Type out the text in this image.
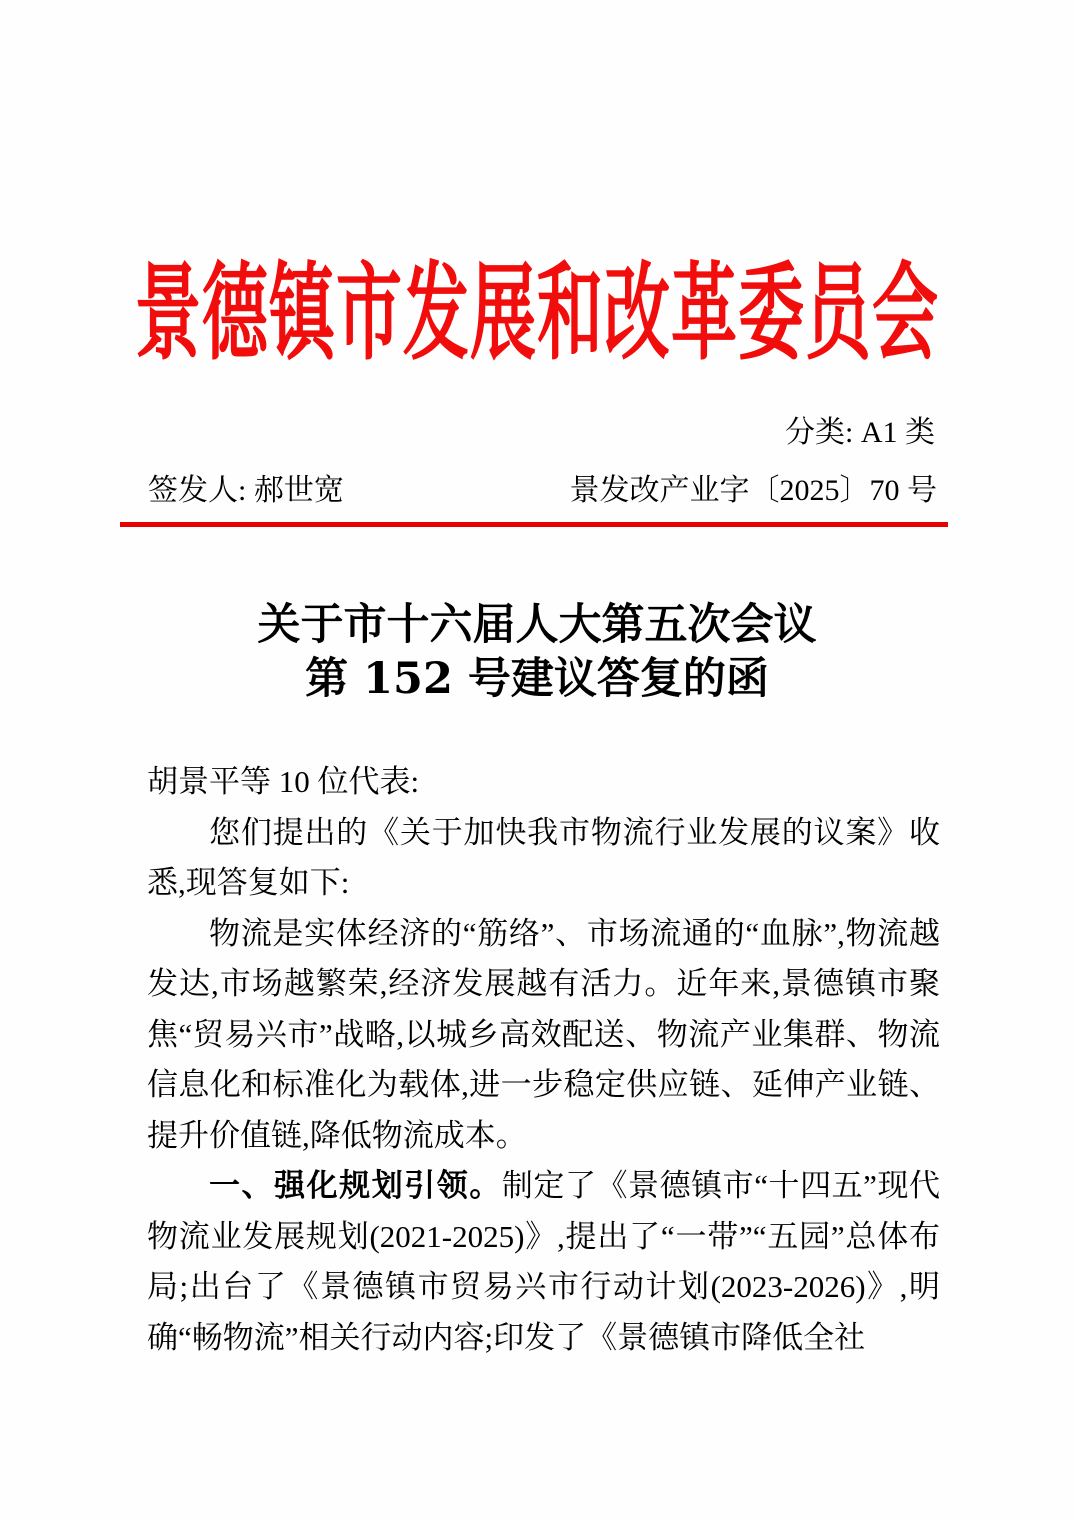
景德镇市发展和改革委员会
分类: A1 类
签发人: 郝世宽	景发改产业字〔2025〕70 号
关于市十六届人大第五次会议
第 152 号建议答复的函

胡景平等 10 位代表:

您们提出的《关于加快我市物流行业发展的议案》收悉,现答复如下:

物流是实体经济的“筋络”、市场流通的“血脉”,物流越发达,市场越繁荣,经济发展越有活力。近年来,景德镇市聚焦“贸易兴市”战略,以城乡高效配送、物流产业集群、物流信息化和标准化为载体,进一步稳定供应链、延伸产业链、提升价值链,降低物流成本。

一、强化规划引领。制定了《景德镇市“十四五”现代物流业发展规划(2021-2025)》,提出了“一带”“五园”总体布局;出台了《景德镇市贸易兴市行动计划(2023-2026)》,明确“畅物流”相关行动内容;印发了《景德镇市降低全社
